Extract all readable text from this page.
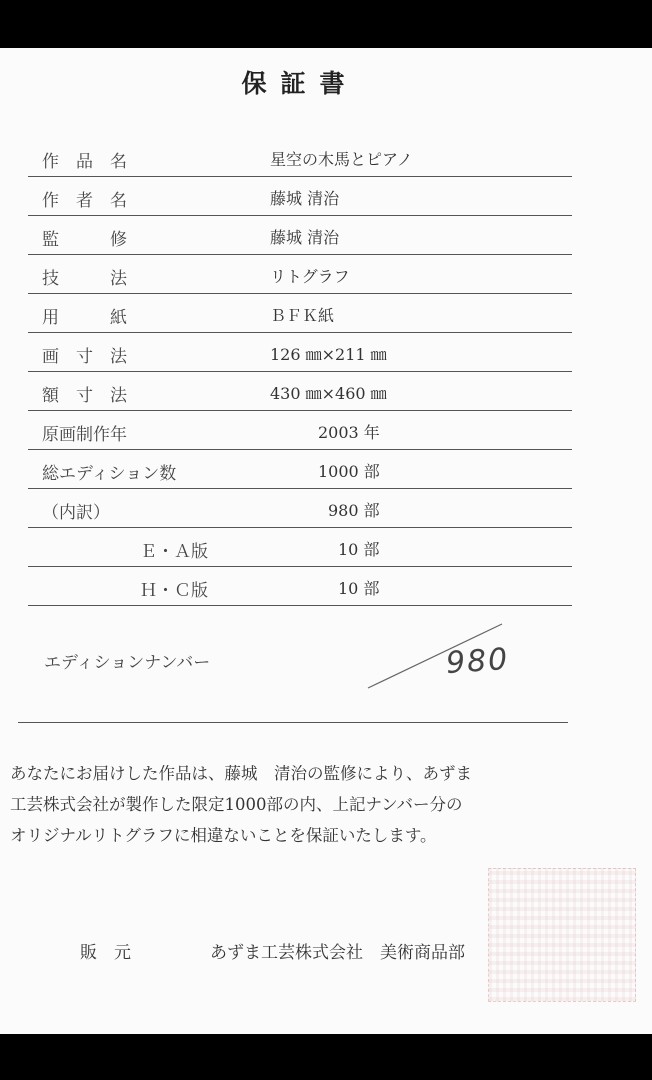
保証書
作　品　名	星空の木馬とピアノ
作　者　名	藤城 清治
監　　　修	藤城 清治
技　　　法	リトグラフ
用　　　紙	ＢＦＫ紙
画　寸　法	126 ㎜×211 ㎜
額　寸　法	430 ㎜×460 ㎜
原画制作年	2003 年
総エディション数	1000 部
（内訳）	980 部
Ｅ・Ａ版	10 部
Ｈ・Ｃ版	10 部
エディションナンバー	980

あなたにお届けした作品は、藤城　清治の監修により、あずま

工芸株式会社が製作した限定1000部の内、上記ナンバー分の

オリジナルリトグラフに相違ないことを保証いたします。

販　元	あずま工芸株式会社　美術商品部
